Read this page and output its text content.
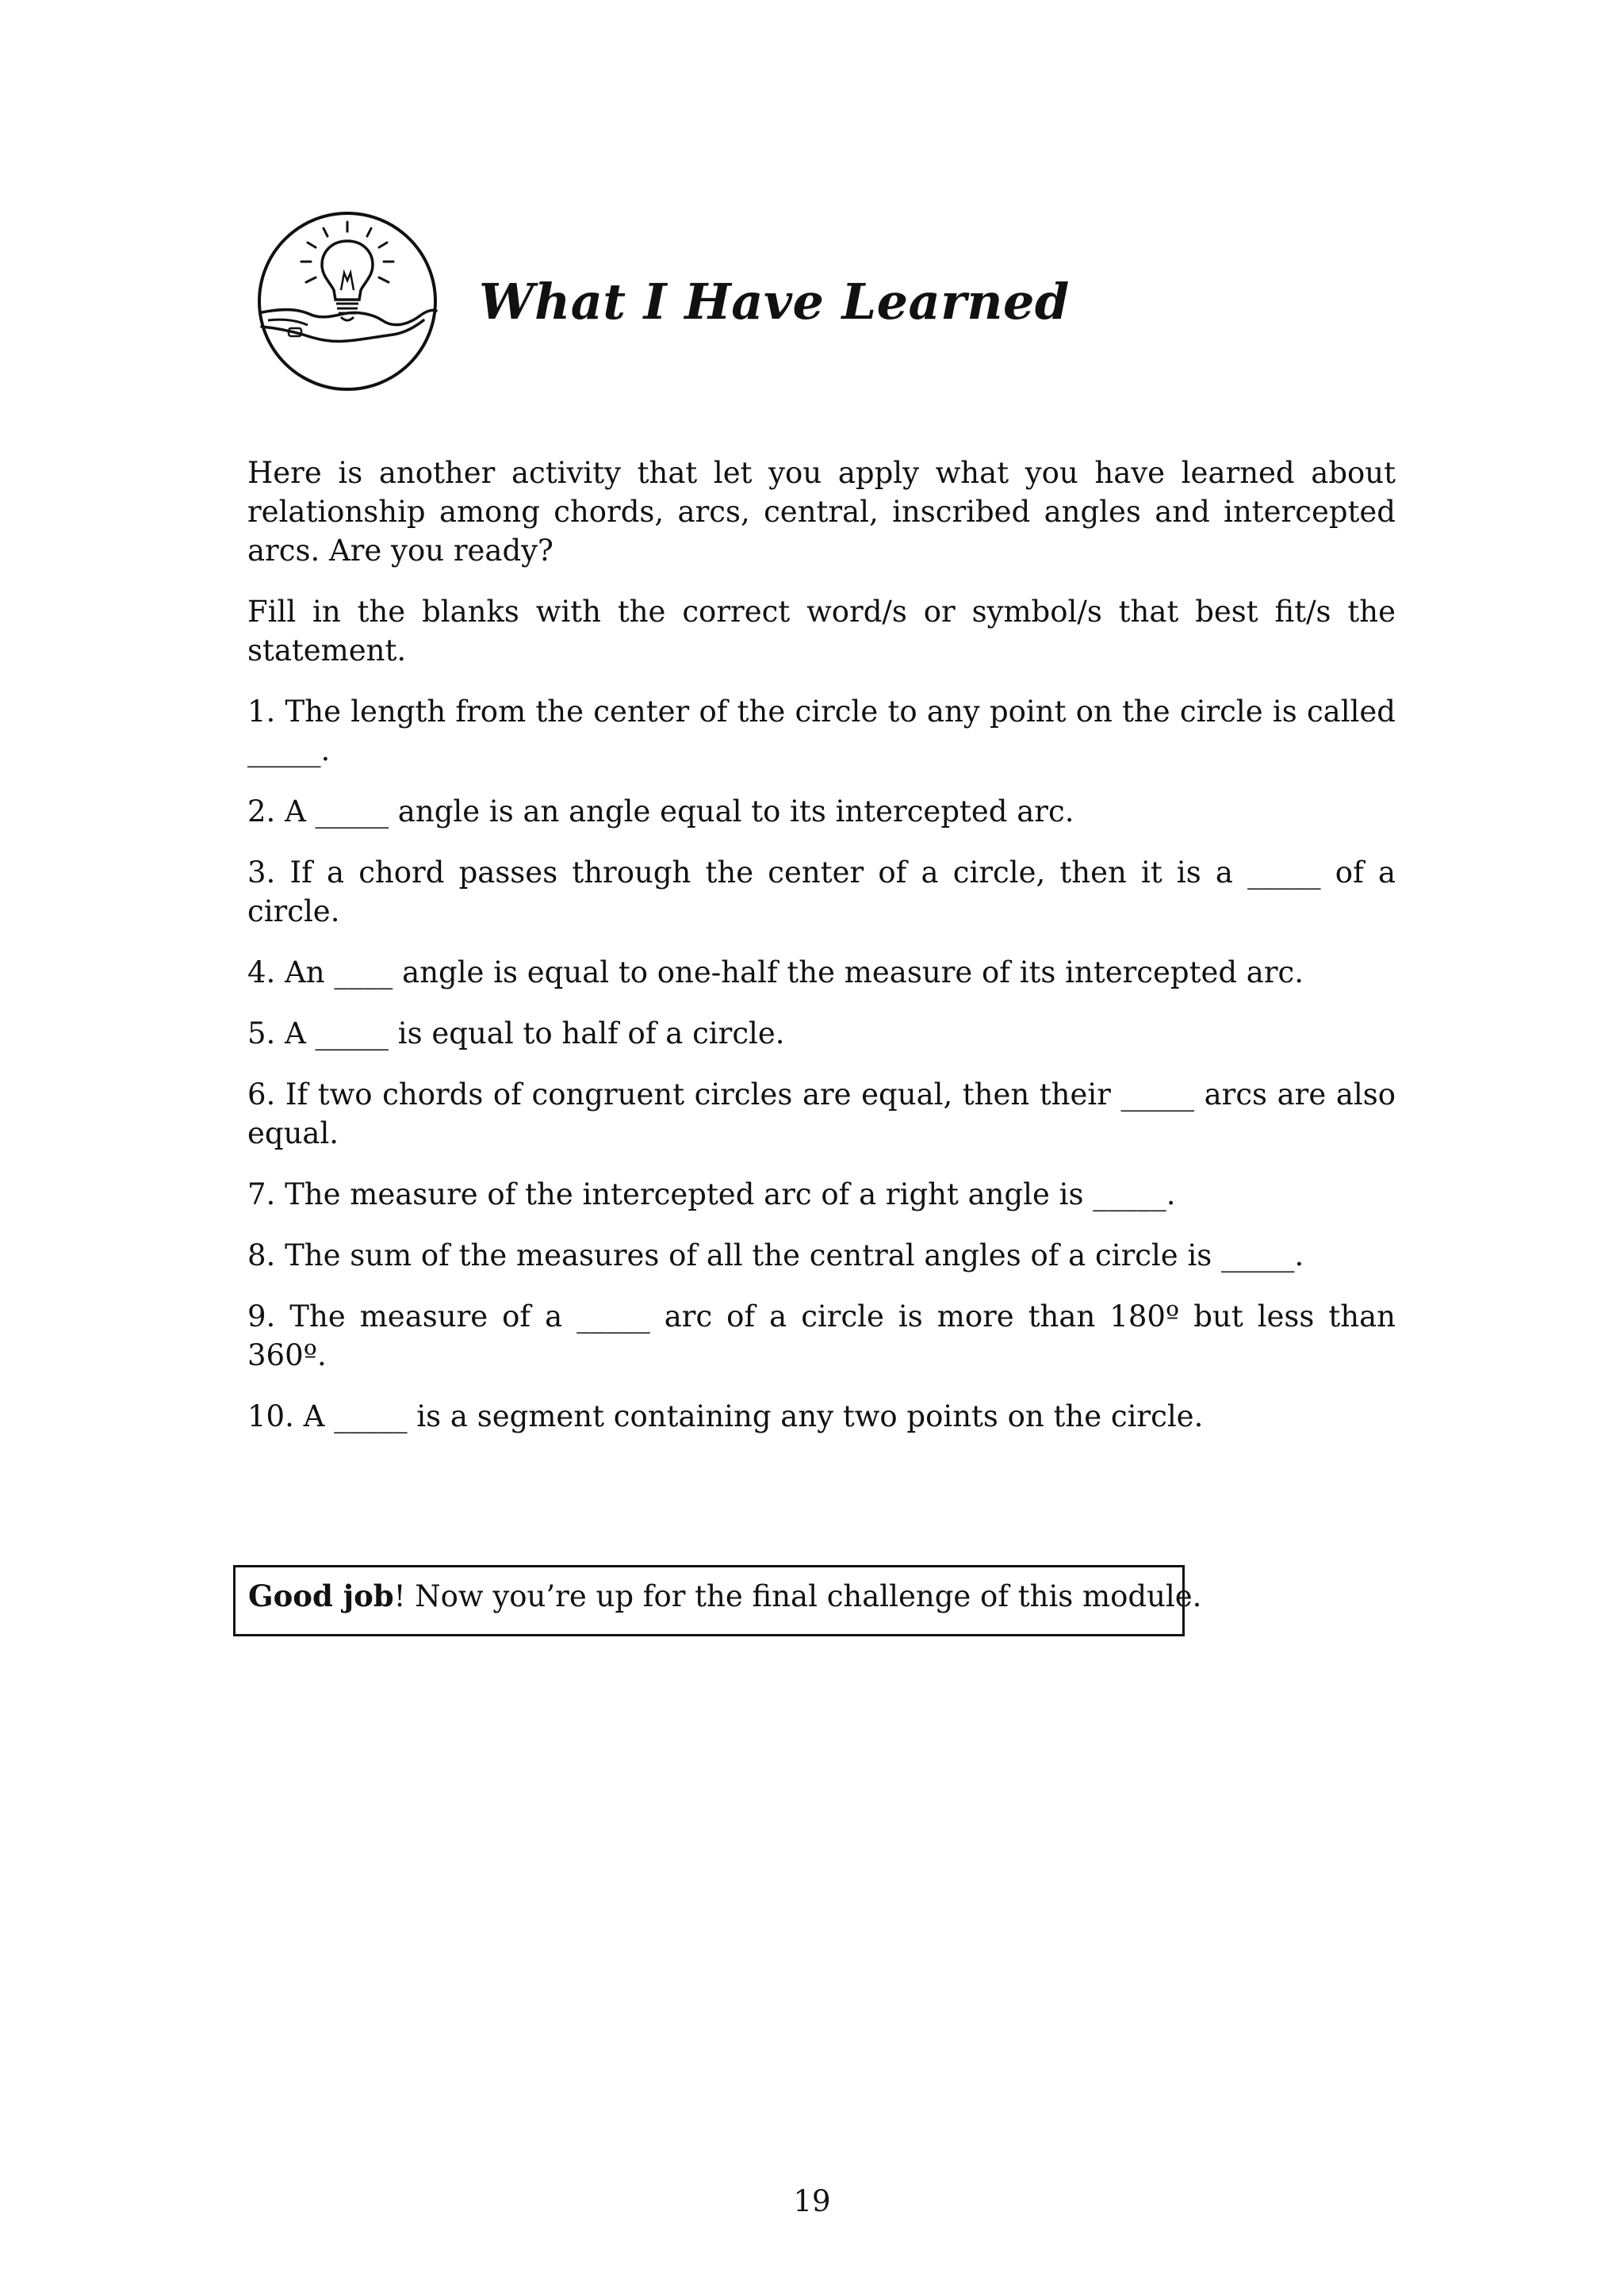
What I Have Learned

Here is another activity that let you apply what you have learned about relationship among chords, arcs, central, inscribed angles and intercepted arcs. Are you ready?

Fill in the blanks with the correct word/s or symbol/s that best fit/s the statement.

1. The length from the center of the circle to any point on the circle is called _____.

2. A _____ angle is an angle equal to its intercepted arc.

3. If a chord passes through the center of a circle, then it is a _____ of a circle.

4. An ____ angle is equal to one-half the measure of its intercepted arc.

5. A _____ is equal to half of a circle.

6. If two chords of congruent circles are equal, then their _____ arcs are also equal.

7. The measure of the intercepted arc of a right angle is _____.

8. The sum of the measures of all the central angles of a circle is _____.

9. The measure of a _____ arc of a circle is more than 180º but less than 360º.

10. A _____ is a segment containing any two points on the circle.

Good job! Now you’re up for the final challenge of this module.
19
